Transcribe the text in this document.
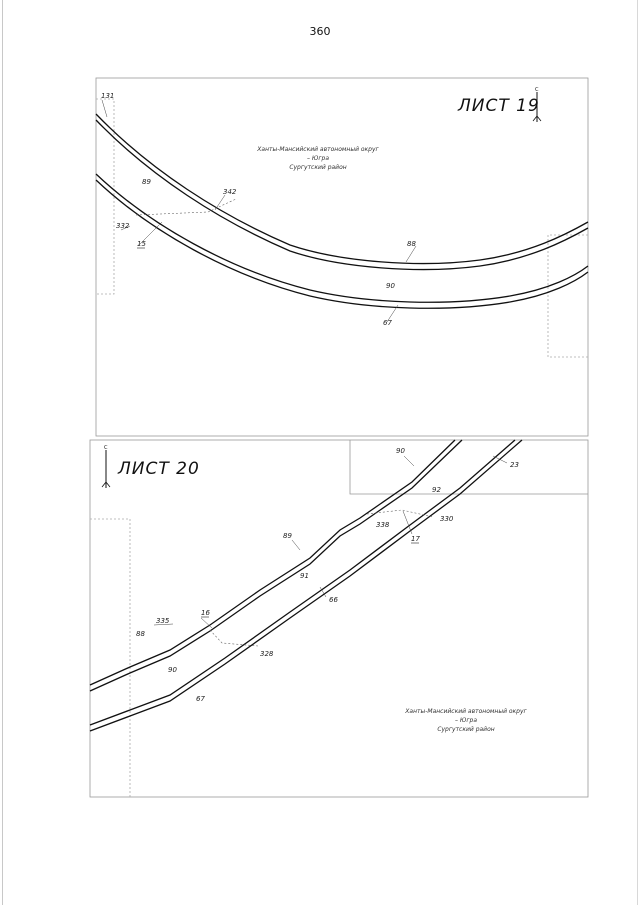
360
С
ЛИСТ 19
Ханты-Мансийский автономный округ
– Югра
Сургутский район
131
89
342
332
15	88
90
67
С
ЛИСТ 20
Ханты-Мансийский автономный округ
– Югра
Сургутский район
90
23
92
338
330
17
89
91
66
335
16
88
328
90
67
